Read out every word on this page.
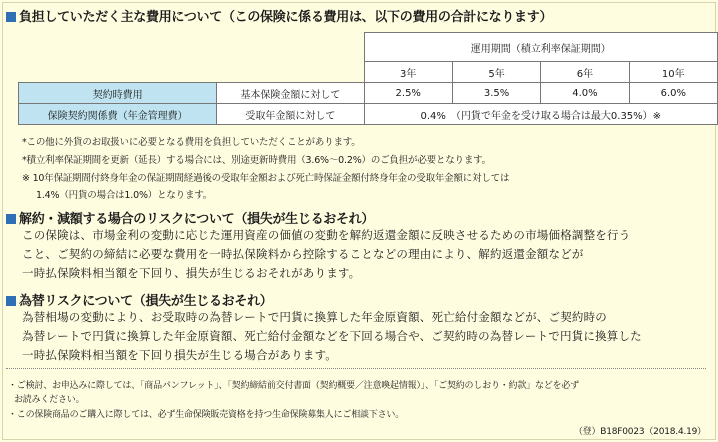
負担していただく主な費用について（この保険に係る費用は、以下の費用の合計になります）
		運用期間（積立利率保証期間）			
		3年	5年	6年	10年
契約時費用	基本保険金額に対して	2.5%	3.5%	4.0%	6.0%
保険契約関係費（年金管理費）	受取年金額に対して	0.4%　（円貨で年金を受け取る場合は最大0.35%）※			
*この他に外貨のお取扱いに必要となる費用を負担していただくことがあります。
*積立利率保証期間を更新（延長）する場合には、別途更新時費用（3.6%～0.2%）のご負担が必要となります。
※ 10年保証期間付終身年金の保証期間経過後の受取年金額および死亡時保証金額付終身年金の受取年金額に対しては
1.4%（円貨の場合は1.0%）となります。
解約・減額する場合のリスクについて（損失が生じるおそれ）
この保険は、市場金利の変動に応じた運用資産の価値の変動を解約返還金額に反映させるための市場価格調整を行う
こと、ご契約の締結に必要な費用を一時払保険料から控除することなどの理由により、解約返還金額などが
一時払保険料相当額を下回り、損失が生じるおそれがあります。
為替リスクについて（損失が生じるおそれ）
為替相場の変動により、お受取時の為替レートで円貨に換算した年金原資額、死亡給付金額などが、ご契約時の
為替レートで円貨に換算した年金原資額、死亡給付金額などを下回る場合や、ご契約時の為替レートで円貨に換算した
一時払保険料相当額を下回り損失が生じる場合があります。
・ご検討、お申込みに際しては、「商品パンフレット」、「契約締結前交付書面（契約概要／注意喚起情報）」、「ご契約のしおり・約款」などを必ず
お読みください。
・この保険商品のご購入に際しては、必ず生命保険販売資格を持つ生命保険募集人にご相談下さい。
（登）B18F0023（2018.4.19）
